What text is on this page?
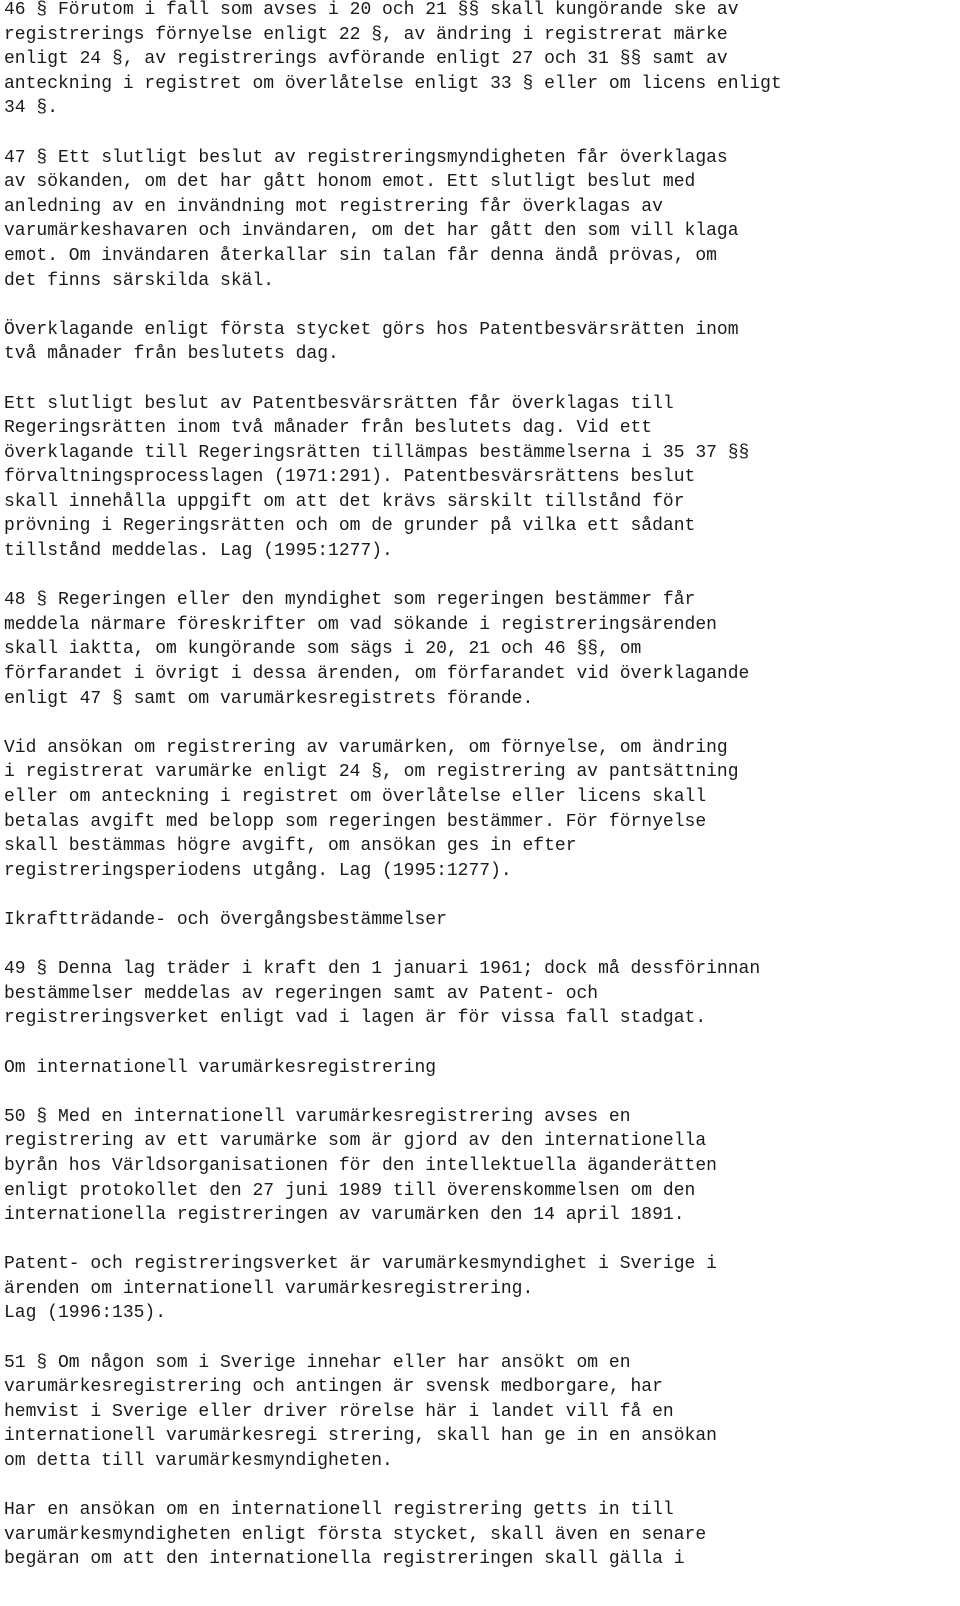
46 § Förutom i fall som avses i 20 och 21 §§ skall kungörande ske av
registrerings förnyelse enligt 22 §, av ändring i registrerat märke
enligt 24 §, av registrerings avförande enligt 27 och 31 §§ samt av
anteckning i registret om överlåtelse enligt 33 § eller om licens enligt
34 §.
47 § Ett slutligt beslut av registreringsmyndigheten får överklagas
av sökanden, om det har gått honom emot. Ett slutligt beslut med
anledning av en invändning mot registrering får överklagas av
varumärkeshavaren och invändaren, om det har gått den som vill klaga
emot. Om invändaren återkallar sin talan får denna ändå prövas, om
det finns särskilda skäl.
Överklagande enligt första stycket görs hos Patentbesvärsrätten inom
två månader från beslutets dag.
Ett slutligt beslut av Patentbesvärsrätten får överklagas till
Regeringsrätten inom två månader från beslutets dag. Vid ett
överklagande till Regeringsrätten tillämpas bestämmelserna i 35 37 §§
förvaltningsprocesslagen (1971:291). Patentbesvärsrättens beslut
skall innehålla uppgift om att det krävs särskilt tillstånd för
prövning i Regeringsrätten och om de grunder på vilka ett sådant
tillstånd meddelas. Lag (1995:1277).
48 § Regeringen eller den myndighet som regeringen bestämmer får
meddela närmare föreskrifter om vad sökande i registreringsärenden
skall iaktta, om kungörande som sägs i 20, 21 och 46 §§, om
förfarandet i övrigt i dessa ärenden, om förfarandet vid överklagande
enligt 47 § samt om varumärkesregistrets förande.
Vid ansökan om registrering av varumärken, om förnyelse, om ändring
i registrerat varumärke enligt 24 §, om registrering av pantsättning
eller om anteckning i registret om överlåtelse eller licens skall
betalas avgift med belopp som regeringen bestämmer. För förnyelse
skall bestämmas högre avgift, om ansökan ges in efter
registreringsperiodens utgång. Lag (1995:1277).
Ikraftträdande- och övergångsbestämmelser
49 § Denna lag träder i kraft den 1 januari 1961; dock må dessförinnan
bestämmelser meddelas av regeringen samt av Patent- och
registreringsverket enligt vad i lagen är för vissa fall stadgat.
Om internationell varumärkesregistrering
50 § Med en internationell varumärkesregistrering avses en
registrering av ett varumärke som är gjord av den internationella
byrån hos Världsorganisationen för den intellektuella äganderätten
enligt protokollet den 27 juni 1989 till överenskommelsen om den
internationella registreringen av varumärken den 14 april 1891.
Patent- och registreringsverket är varumärkesmyndighet i Sverige i
ärenden om internationell varumärkesregistrering.
Lag (1996:135).
51 § Om någon som i Sverige innehar eller har ansökt om en
varumärkesregistrering och antingen är svensk medborgare, har
hemvist i Sverige eller driver rörelse här i landet vill få en
internationell varumärkesregi strering, skall han ge in en ansökan
om detta till varumärkesmyndigheten.
Har en ansökan om en internationell registrering getts in till
varumärkesmyndigheten enligt första stycket, skall även en senare
begäran om att den internationella registreringen skall gälla i
